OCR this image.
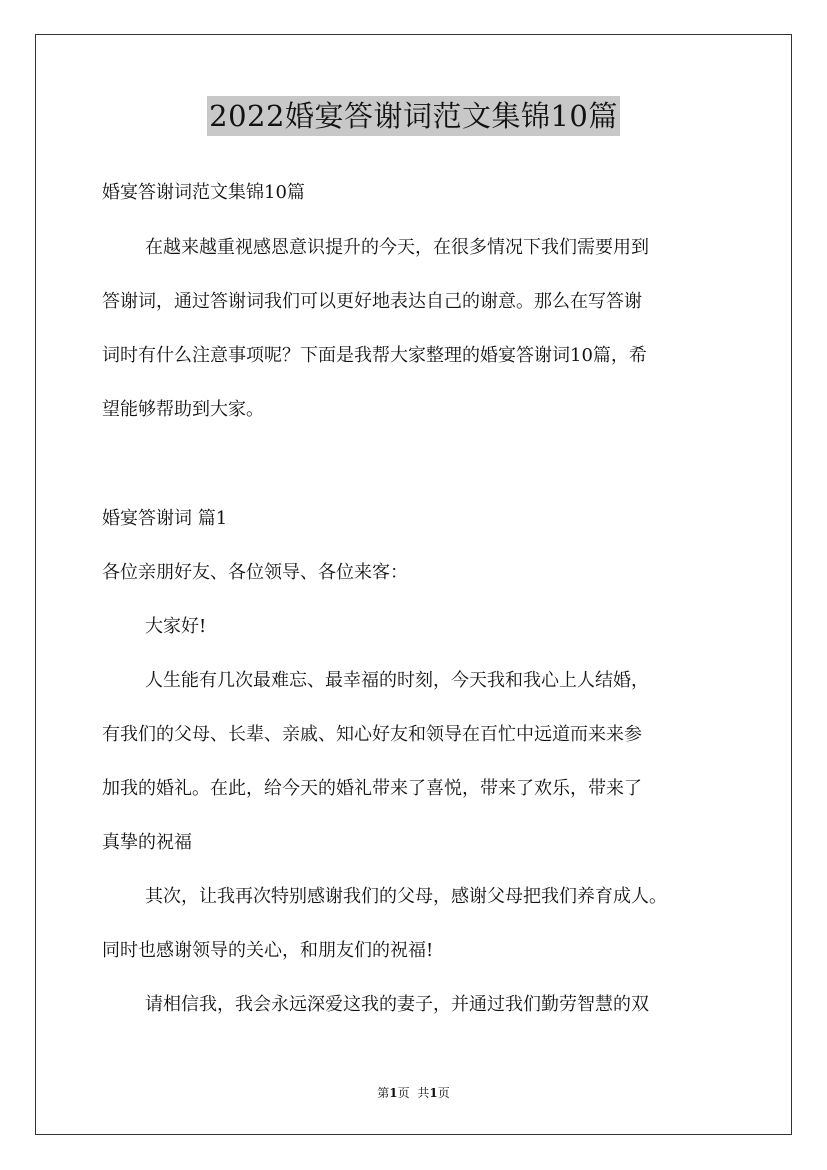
2022婚宴答谢词范文集锦10篇
婚宴答谢词范文集锦10篇
在越来越重视感恩意识提升的今天，在很多情况下我们需要用到
答谢词，通过答谢词我们可以更好地表达自己的谢意。那么在写答谢
词时有什么注意事项呢？下面是我帮大家整理的婚宴答谢词10篇，希
望能够帮助到大家。
婚宴答谢词 篇1
各位亲朋好友、各位领导、各位来客：
大家好!
人生能有几次最难忘、最幸福的时刻，今天我和我心上人结婚，
有我们的父母、长辈、亲戚、知心好友和领导在百忙中远道而来来参
加我的婚礼。在此，给今天的婚礼带来了喜悦，带来了欢乐，带来了
真挚的祝福
其次，让我再次特别感谢我们的父母，感谢父母把我们养育成人。
同时也感谢领导的关心，和朋友们的祝福!
请相信我，我会永远深爱这我的妻子，并通过我们勤劳智慧的双
第1页 共1页
